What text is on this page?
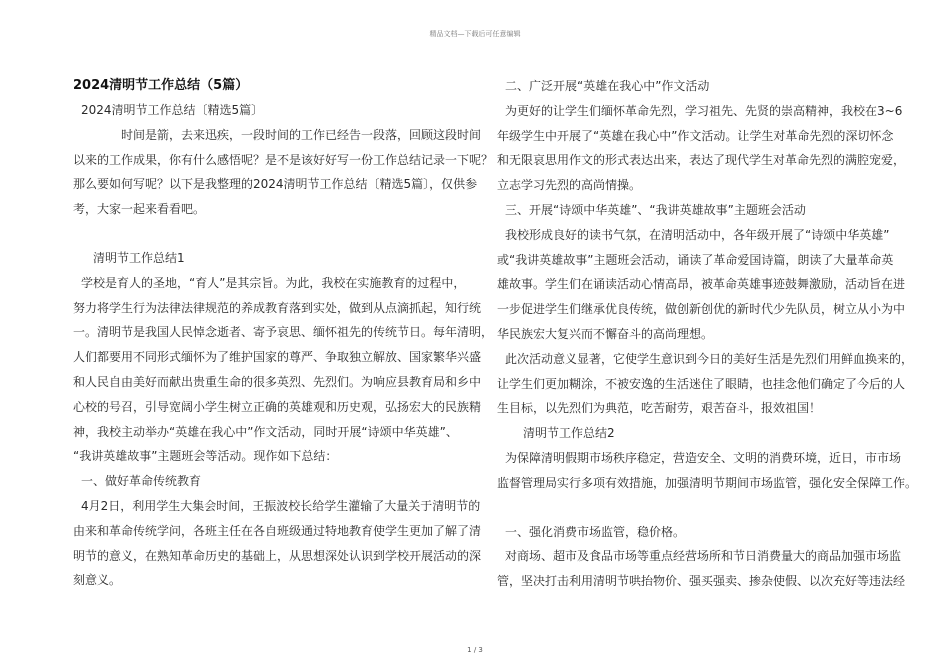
精品文档—下载后可任意编辑
2024清明节工作总结（5篇）
2024清明节工作总结〔精选5篇〕
时间是箭，去来迅疾，一段时间的工作已经告一段落，回顾这段时间
以来的工作成果，你有什么感悟呢？是不是该好好写一份工作总结记录一下呢？
那么要如何写呢？以下是我整理的2024清明节工作总结〔精选5篇〕，仅供参
考，大家一起来看看吧。
清明节工作总结1
学校是育人的圣地，“育人”是其宗旨。为此，我校在实施教育的过程中，
努力将学生行为法律法律规范的养成教育落到实处，做到从点滴抓起，知行统
一。清明节是我国人民悼念逝者、寄予哀思、缅怀祖先的传统节日。每年清明，
人们都要用不同形式缅怀为了维护国家的尊严、争取独立解放、国家繁华兴盛
和人民自由美好而献出贵重生命的很多英烈、先烈们。为响应县教育局和乡中
心校的号召，引导宽阔小学生树立正确的英雄观和历史观，弘扬宏大的民族精
神，我校主动举办“英雄在我心中”作文活动，同时开展“诗颂中华英雄”、
“我讲英雄故事”主题班会等活动。现作如下总结：
一、做好革命传统教育
4月2日，利用学生大集会时间，王振波校长给学生灌输了大量关于清明节的
由来和革命传统学问，各班主任在各自班级通过特地教育使学生更加了解了清
明节的意义，在熟知革命历史的基础上，从思想深处认识到学校开展活动的深
刻意义。
二、广泛开展“英雄在我心中”作文活动
为更好的让学生们缅怀革命先烈，学习祖先、先贤的崇高精神，我校在3~6
年级学生中开展了“英雄在我心中”作文活动。让学生对革命先烈的深切怀念
和无限哀思用作文的形式表达出来，表达了现代学生对革命先烈的满腔宠爱，
立志学习先烈的高尚情操。
三、开展“诗颂中华英雄”、“我讲英雄故事”主题班会活动
我校形成良好的读书气氛，在清明活动中，各年级开展了“诗颂中华英雄”
或“我讲英雄故事”主题班会活动，诵读了革命爱国诗篇，朗读了大量革命英
雄故事。学生们在诵读活动心情高昂，被革命英雄事迹鼓舞激励，活动旨在进
一步促进学生们继承优良传统，做创新创优的新时代少先队员，树立从小为中
华民族宏大复兴而不懈奋斗的高尚理想。
此次活动意义显著，它使学生意识到今日的美好生活是先烈们用鲜血换来的，
让学生们更加糊涂，不被安逸的生活迷住了眼睛，也挂念他们确定了今后的人
生目标，以先烈们为典范，吃苦耐劳，艰苦奋斗，报效祖国！
清明节工作总结2
为保障清明假期市场秩序稳定，营造安全、文明的消费环境，近日，市市场
监督管理局实行多项有效措施，加强清明节期间市场监管，强化安全保障工作。
一、强化消费市场监管，稳价格。
对商场、超市及食品市场等重点经营场所和节日消费量大的商品加强市场监
管，坚决打击利用清明节哄抬物价、强买强卖、掺杂使假、以次充好等违法经
1 / 3
